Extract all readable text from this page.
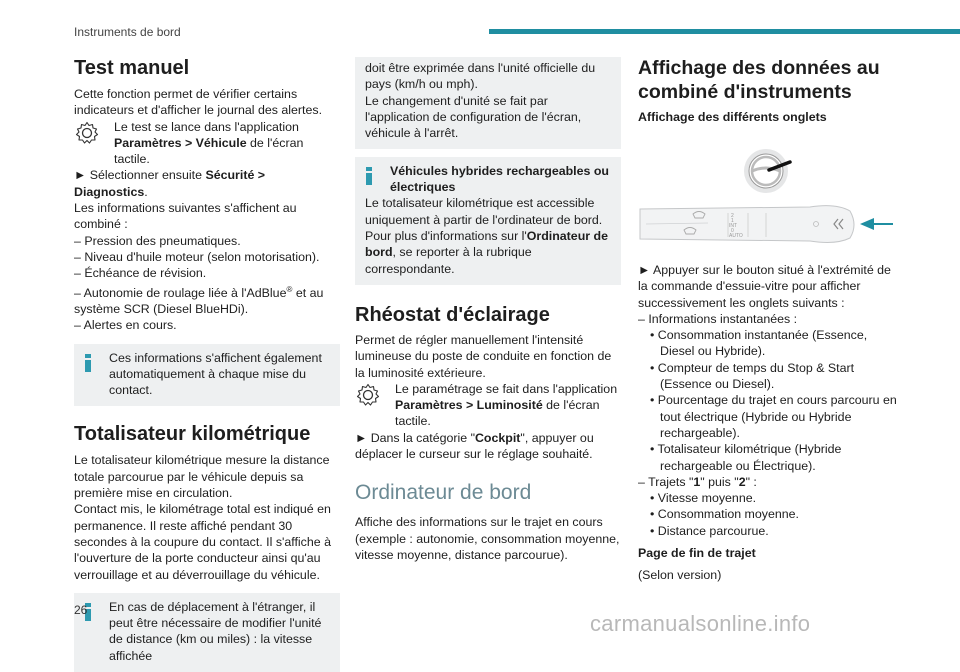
Instruments de bord
Test manuel

Cette fonction permet de vérifier certains indicateurs et d'afficher le journal des alertes.

Le test se lance dans l'application Paramètres > Véhicule de l'écran tactile.

► Sélectionner ensuite Sécurité > Diagnostics.

Les informations suivantes s'affichent au combiné :

– Pression des pneumatiques.

– Niveau d'huile moteur (selon motorisation).

– Échéance de révision.

– Autonomie de roulage liée à l'AdBlue® et au système SCR (Diesel BlueHDi).

– Alertes en cours.

Ces informations s'affichent également automatiquement à chaque mise du contact.

Totalisateur kilométrique

Le totalisateur kilométrique mesure la distance totale parcourue par le véhicule depuis sa première mise en circulation.

Contact mis, le kilométrage total est indiqué en permanence. Il reste affiché pendant 30 secondes à la coupure du contact. Il s'affiche à l'ouverture de la porte conducteur ainsi qu'au verrouillage et au déverrouillage du véhicule.

En cas de déplacement à l'étranger, il peut être nécessaire de modifier l'unité de distance (km ou miles) : la vitesse affichée

doit être exprimée dans l'unité officielle du pays (km/h ou mph).

Le changement d'unité se fait par l'application de configuration de l'écran, véhicule à l'arrêt.

Véhicules hybrides rechargeables ou électriques

Le totalisateur kilométrique est accessible uniquement à partir de l'ordinateur de bord.

Pour plus d'informations sur l'Ordinateur de bord, se reporter à la rubrique correspondante.

Rhéostat d'éclairage

Permet de régler manuellement l'intensité lumineuse du poste de conduite en fonction de la luminosité extérieure.

Le paramétrage se fait dans l'application Paramètres > Luminosité de l'écran tactile.

► Dans la catégorie "Cockpit", appuyer ou déplacer le curseur sur le réglage souhaité.

Ordinateur de bord

Affiche des informations sur le trajet en cours (exemple : autonomie, consommation moyenne, vitesse moyenne, distance parcourue).

Affichage des données au combiné d'instruments

Affichage des différents onglets

2
1
INT
0
AUTO

► Appuyer sur le bouton situé à l'extrémité de la commande d'essuie-vitre pour afficher successivement les onglets suivants :

– Informations instantanées :

• Consommation instantanée (Essence, Diesel ou Hybride).

• Compteur de temps du Stop & Start (Essence ou Diesel).

• Pourcentage du trajet en cours parcouru en tout électrique (Hybride ou Hybride rechargeable).

• Totalisateur kilométrique (Hybride rechargeable ou Électrique).

– Trajets "1" puis "2" :

• Vitesse moyenne.

• Consommation moyenne.

• Distance parcourue.

Page de fin de trajet

(Selon version)

26
carmanualsonline.info
